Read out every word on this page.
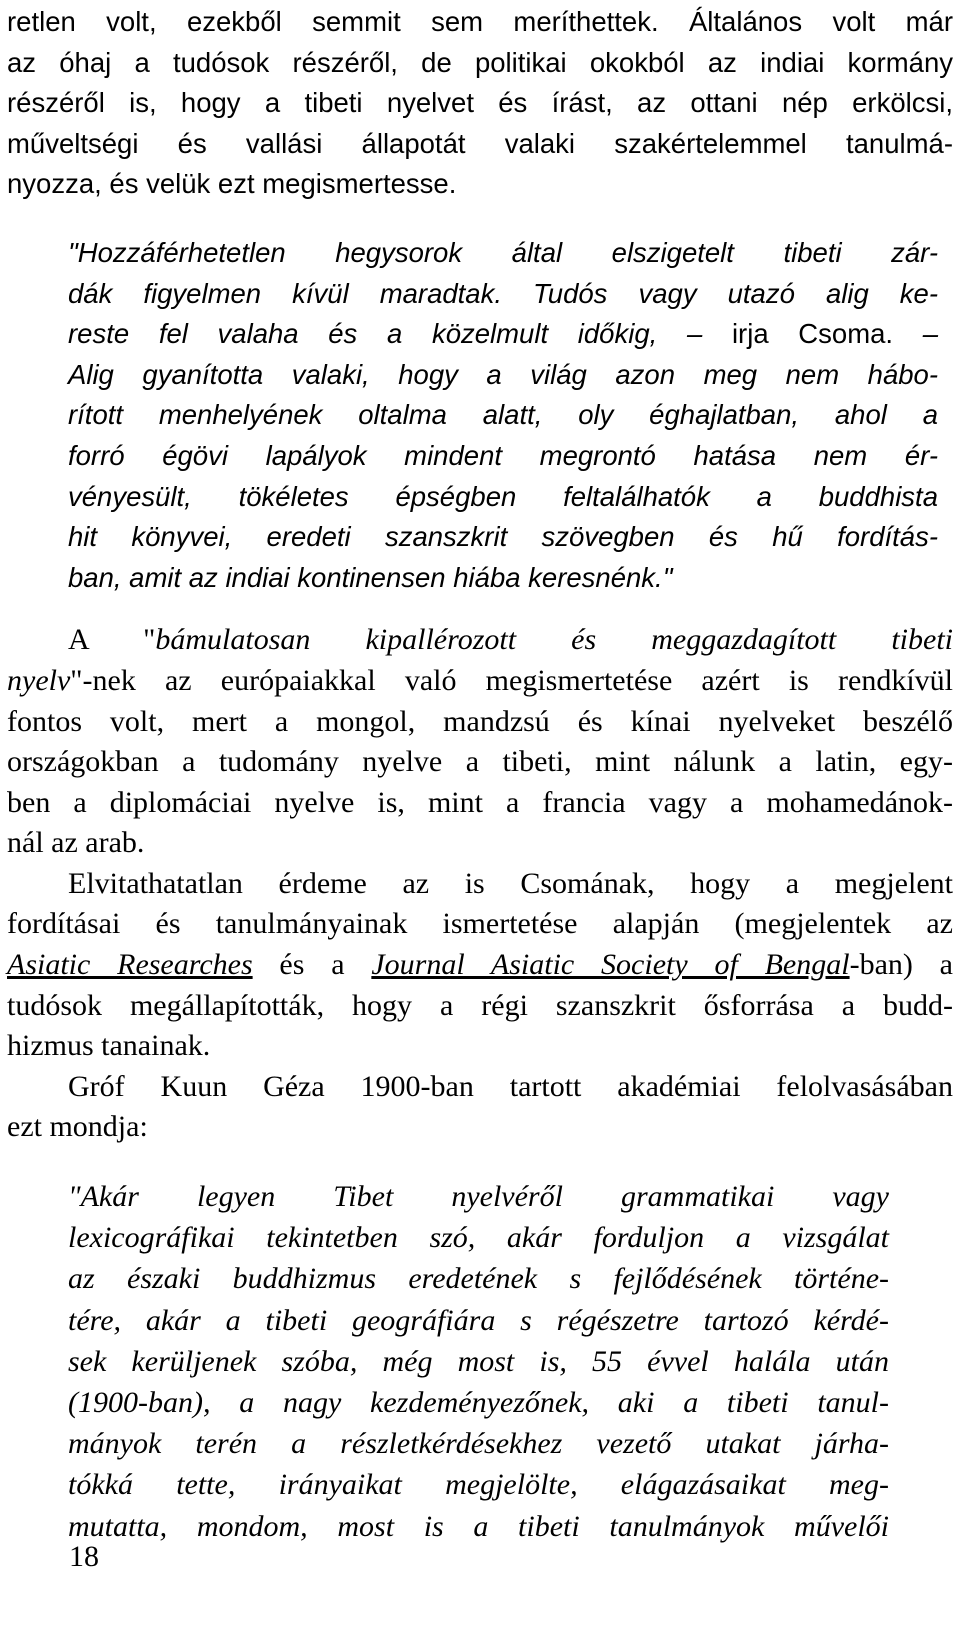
retlen volt, ezekből semmit sem meríthettek. Általános volt már
az óhaj a tudósok részéről, de politikai okokból az indiai kormány
részéről is, hogy a tibeti nyelvet és írást, az ottani nép erkölcsi,
műveltségi és vallási állapotát valaki szakértelemmel tanulmá-
nyozza, és velük ezt megismertesse.
"Hozzáférhetetlen hegysorok által elszigetelt tibeti zár-
dák figyelmen kívül maradtak. Tudós vagy utazó alig ke-
reste fel valaha és a közelmult időkig, – irja Csoma. –
Alig gyanította valaki, hogy a világ azon meg nem hábo-
rított menhelyének oltalma alatt, oly éghajlatban, ahol a
forró égövi lapályok mindent megrontó hatása nem ér-
vényesült, tökéletes épségben feltalálhatók a buddhista
hit könyvei, eredeti szanszkrit szövegben és hű fordítás-
ban, amit az indiai kontinensen hiába keresnénk."
A "bámulatosan kipallérozott és meggazdagított tibeti
nyelv"-nek az európaiakkal való megismertetése azért is rendkívül
fontos volt, mert a mongol, mandzsú és kínai nyelveket beszélő
országokban a tudomány nyelve a tibeti, mint nálunk a latin, egy-
ben a diplomáciai nyelve is, mint a francia vagy a mohamedánok-
nál az arab.
Elvitathatatlan érdeme az is Csomának, hogy a megjelent
fordításai és tanulmányainak ismertetése alapján (megjelentek az
Asiatic Researches és a Journal Asiatic Society of Bengal-ban) a
tudósok megállapították, hogy a régi szanszkrit ősforrása a budd-
hizmus tanainak.
Gróf Kuun Géza 1900-ban tartott akadémiai felolvasásában
ezt mondja:
"Akár legyen Tibet nyelvéről grammatikai vagy
lexicográfikai tekintetben szó, akár forduljon a vizsgálat
az északi buddhizmus eredetének s fejlődésének történe-
tére, akár a tibeti geográfiára s régészetre tartozó kérdé-
sek kerüljenek szóba, még most is, 55 évvel halála után
(1900-ban), a nagy kezdeményezőnek, aki a tibeti tanul-
mányok terén a részletkérdésekhez vezető utakat járha-
tókká tette, irányaikat megjelölte, elágazásaikat meg-
mutatta, mondom, most is a tibeti tanulmányok művelői

18
